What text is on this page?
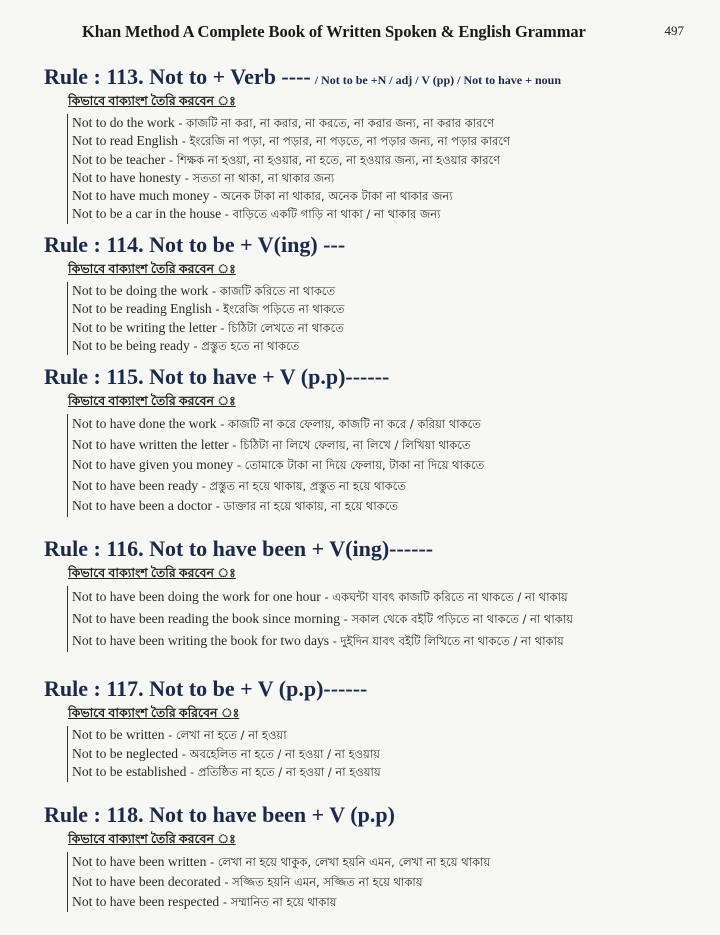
Khan Method A Complete Book of Written Spoken & English Grammar	497
Rule : 113. Not to + Verb ---- / Not to be +N / adj / V (pp) / Not to have + noun
কিভাবে বাক্যাংশ তৈরি করবেন ঃ
Not to do the work - কাজটি না করা, না করার, না করতে, না করার জন্য, না করার কারণে
Not to read English - ইংরেজি না পড়া, না পড়ার, না পড়তে, না পড়ার জন্য, না পড়ার কারণে
Not to be teacher - শিক্ষক না হওয়া, না হওয়ার, না হতে, না হওয়ার জন্য, না হওয়ার কারণে
Not to have honesty - সততা না থাকা, না থাকার জন্য
Not to have much money - অনেক টাকা না থাকার, অনেক টাকা না থাকার জন্য
Not to be a car in the house - বাড়িতে একটি গাড়ি না থাকা / না থাকার জন্য
Rule : 114. Not to be + V(ing) ---
কিভাবে বাক্যাংশ তৈরি করবেন ঃ
Not to be doing the work - কাজটি করিতে না থাকতে
Not to be reading English - ইংরেজি পড়িতে না থাকতে
Not to be writing the letter - চিঠিটা লেখতে না থাকতে
Not to be being ready - প্রস্তুত হতে না থাকতে
Rule : 115. Not to have + V (p.p)------
কিভাবে বাক্যাংশ তৈরি করবেন ঃ
Not to have done the work - কাজটি না করে ফেলায়, কাজটি না করে / করিয়া থাকতে
Not to have written the letter - চিঠিটা না লিখে ফেলায়, না লিখে / লিখিয়া থাকতে
Not to have given you money - তোমাকে টাকা না দিয়ে ফেলায়, টাকা না দিয়ে থাকতে
Not to have been ready - প্রস্তুত না হয়ে থাকায়, প্রস্তুত না হয়ে থাকতে
Not to have been a doctor - ডাক্তার না হয়ে থাকায়, না হয়ে থাকতে
Rule : 116. Not to have been + V(ing)------
কিভাবে বাক্যাংশ তৈরি করবেন ঃ
Not to have been doing the work for one hour - একঘন্টা যাবৎ কাজটি করিতে না থাকতে / না থাকায়
Not to have been reading the book since morning - সকাল থেকে বইটি পড়িতে না থাকতে / না থাকায়
Not to have been writing the book for two days - দুইদিন যাবৎ বইটি লিখিতে না থাকতে / না থাকায়
Rule : 117. Not to be + V (p.p)------
কিভাবে বাক্যাংশ তৈরি করিবেন ঃ
Not to be written - লেখা না হতে / না হওয়া
Not to be neglected - অবহেলিত না হতে / না হওয়া / না হওয়ায়
Not to be established - প্রতিষ্ঠিত না হতে / না হওয়া / না হওয়ায়
Rule : 118. Not to have been + V (p.p)
কিভাবে বাক্যাংশ তৈরি করবেন ঃ
Not to have been written - লেখা না হয়ে থাকুক, লেখা হয়নি এমন, লেখা না হয়ে থাকায়
Not to have been decorated - সজ্জিত হয়নি এমন, সজ্জিত না হয়ে থাকায়
Not to have been respected - সম্মানিত না হয়ে থাকায়
